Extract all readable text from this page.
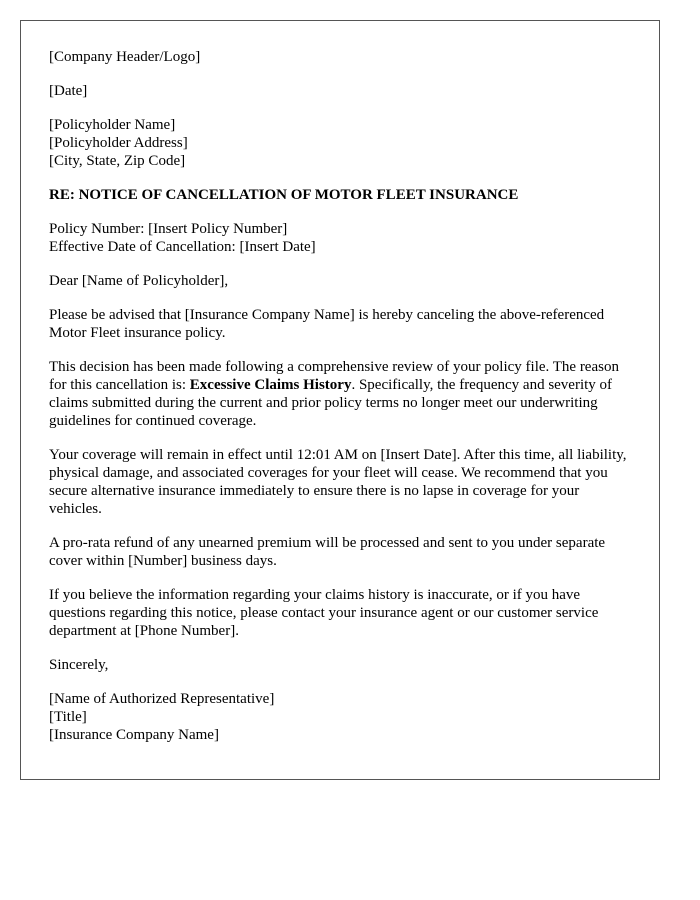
[Company Header/Logo]

[Date]

[Policyholder Name]
[Policyholder Address]
[City, State, Zip Code]

RE: NOTICE OF CANCELLATION OF MOTOR FLEET INSURANCE

Policy Number: [Insert Policy Number]
Effective Date of Cancellation: [Insert Date]

Dear [Name of Policyholder],

Please be advised that [Insurance Company Name] is hereby canceling the above-referenced Motor Fleet insurance policy.

This decision has been made following a comprehensive review of your policy file. The reason for this cancellation is: Excessive Claims History. Specifically, the frequency and severity of claims submitted during the current and prior policy terms no longer meet our underwriting guidelines for continued coverage.

Your coverage will remain in effect until 12:01 AM on [Insert Date]. After this time, all liability, physical damage, and associated coverages for your fleet will cease. We recommend that you secure alternative insurance immediately to ensure there is no lapse in coverage for your vehicles.

A pro-rata refund of any unearned premium will be processed and sent to you under separate cover within [Number] business days.

If you believe the information regarding your claims history is inaccurate, or if you have questions regarding this notice, please contact your insurance agent or our customer service department at [Phone Number].

Sincerely,

[Name of Authorized Representative]
[Title]
[Insurance Company Name]
